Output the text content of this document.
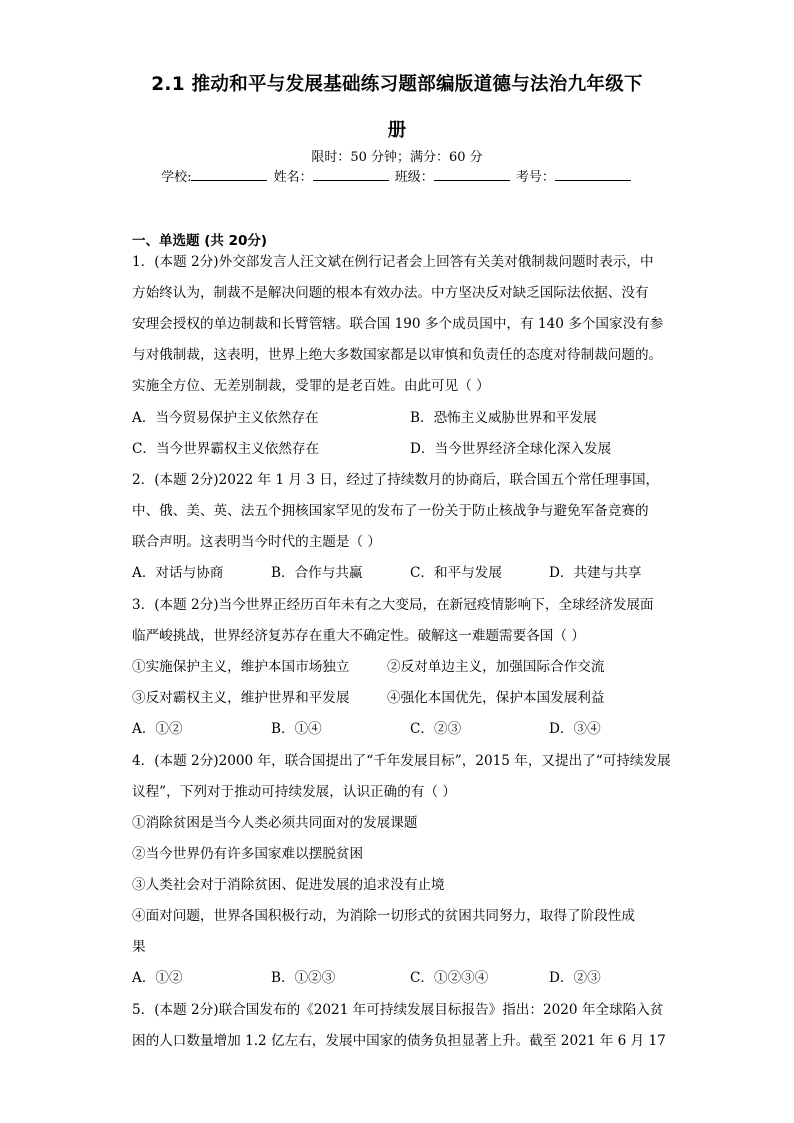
2.1 推动和平与发展基础练习题部编版道德与法治九年级下
册
限时：50 分钟；满分：60 分
学校:	姓名：	班级：	考号：
一、单选题 (共 20分)
1．(本题 2分)外交部发言人汪文斌在例行记者会上回答有关美对俄制裁问题时表示，中
方始终认为，制裁不是解决问题的根本有效办法。中方坚决反对缺乏国际法依据、没有
安理会授权的单边制裁和长臂管辖。联合国 190 多个成员国中，有 140 多个国家没有参
与对俄制裁，这表明，世界上绝大多数国家都是以审慎和负责任的态度对待制裁问题的。
实施全方位、无差别制裁，受罪的是老百姓。由此可见（ ）
A．当今贸易保护主义依然存在	B．恐怖主义威胁世界和平发展
C．当今世界霸权主义依然存在	D．当今世界经济全球化深入发展
2．(本题 2分)2022 年 1 月 3 日，经过了持续数月的协商后，联合国五个常任理事国，
中、俄、美、英、法五个拥核国家罕见的发布了一份关于防止核战争与避免军备竞赛的
联合声明。这表明当今时代的主题是（ ）
A．对话与协商	B．合作与共赢	C．和平与发展	D．共建与共享
3．(本题 2分)当今世界正经历百年未有之大变局，在新冠疫情影响下，全球经济发展面
临严峻挑战，世界经济复苏存在重大不确定性。破解这一难题需要各国（ ）
①实施保护主义，维护本国市场独立	②反对单边主义，加强国际合作交流
③反对霸权主义，维护世界和平发展	④强化本国优先，保护本国发展利益
A．①②	B．①④	C．②③	D．③④
4．(本题 2分)2000 年，联合国提出了“千年发展目标”，2015 年，又提出了“可持续发展
议程”，下列对于推动可持续发展，认识正确的有（ ）
①消除贫困是当今人类必须共同面对的发展课题
②当今世界仍有许多国家难以摆脱贫困
③人类社会对于消除贫困、促进发展的追求没有止境
④面对问题，世界各国积极行动，为消除一切形式的贫困共同努力，取得了阶段性成
果
A．①②	B．①②③	C．①②③④	D．②③
5．(本题 2分)联合国发布的《2021 年可持续发展目标报告》指出：2020 年全球陷入贫
困的人口数量增加 1.2 亿左右，发展中国家的债务负担显著上升。截至 2021 年 6 月 17
